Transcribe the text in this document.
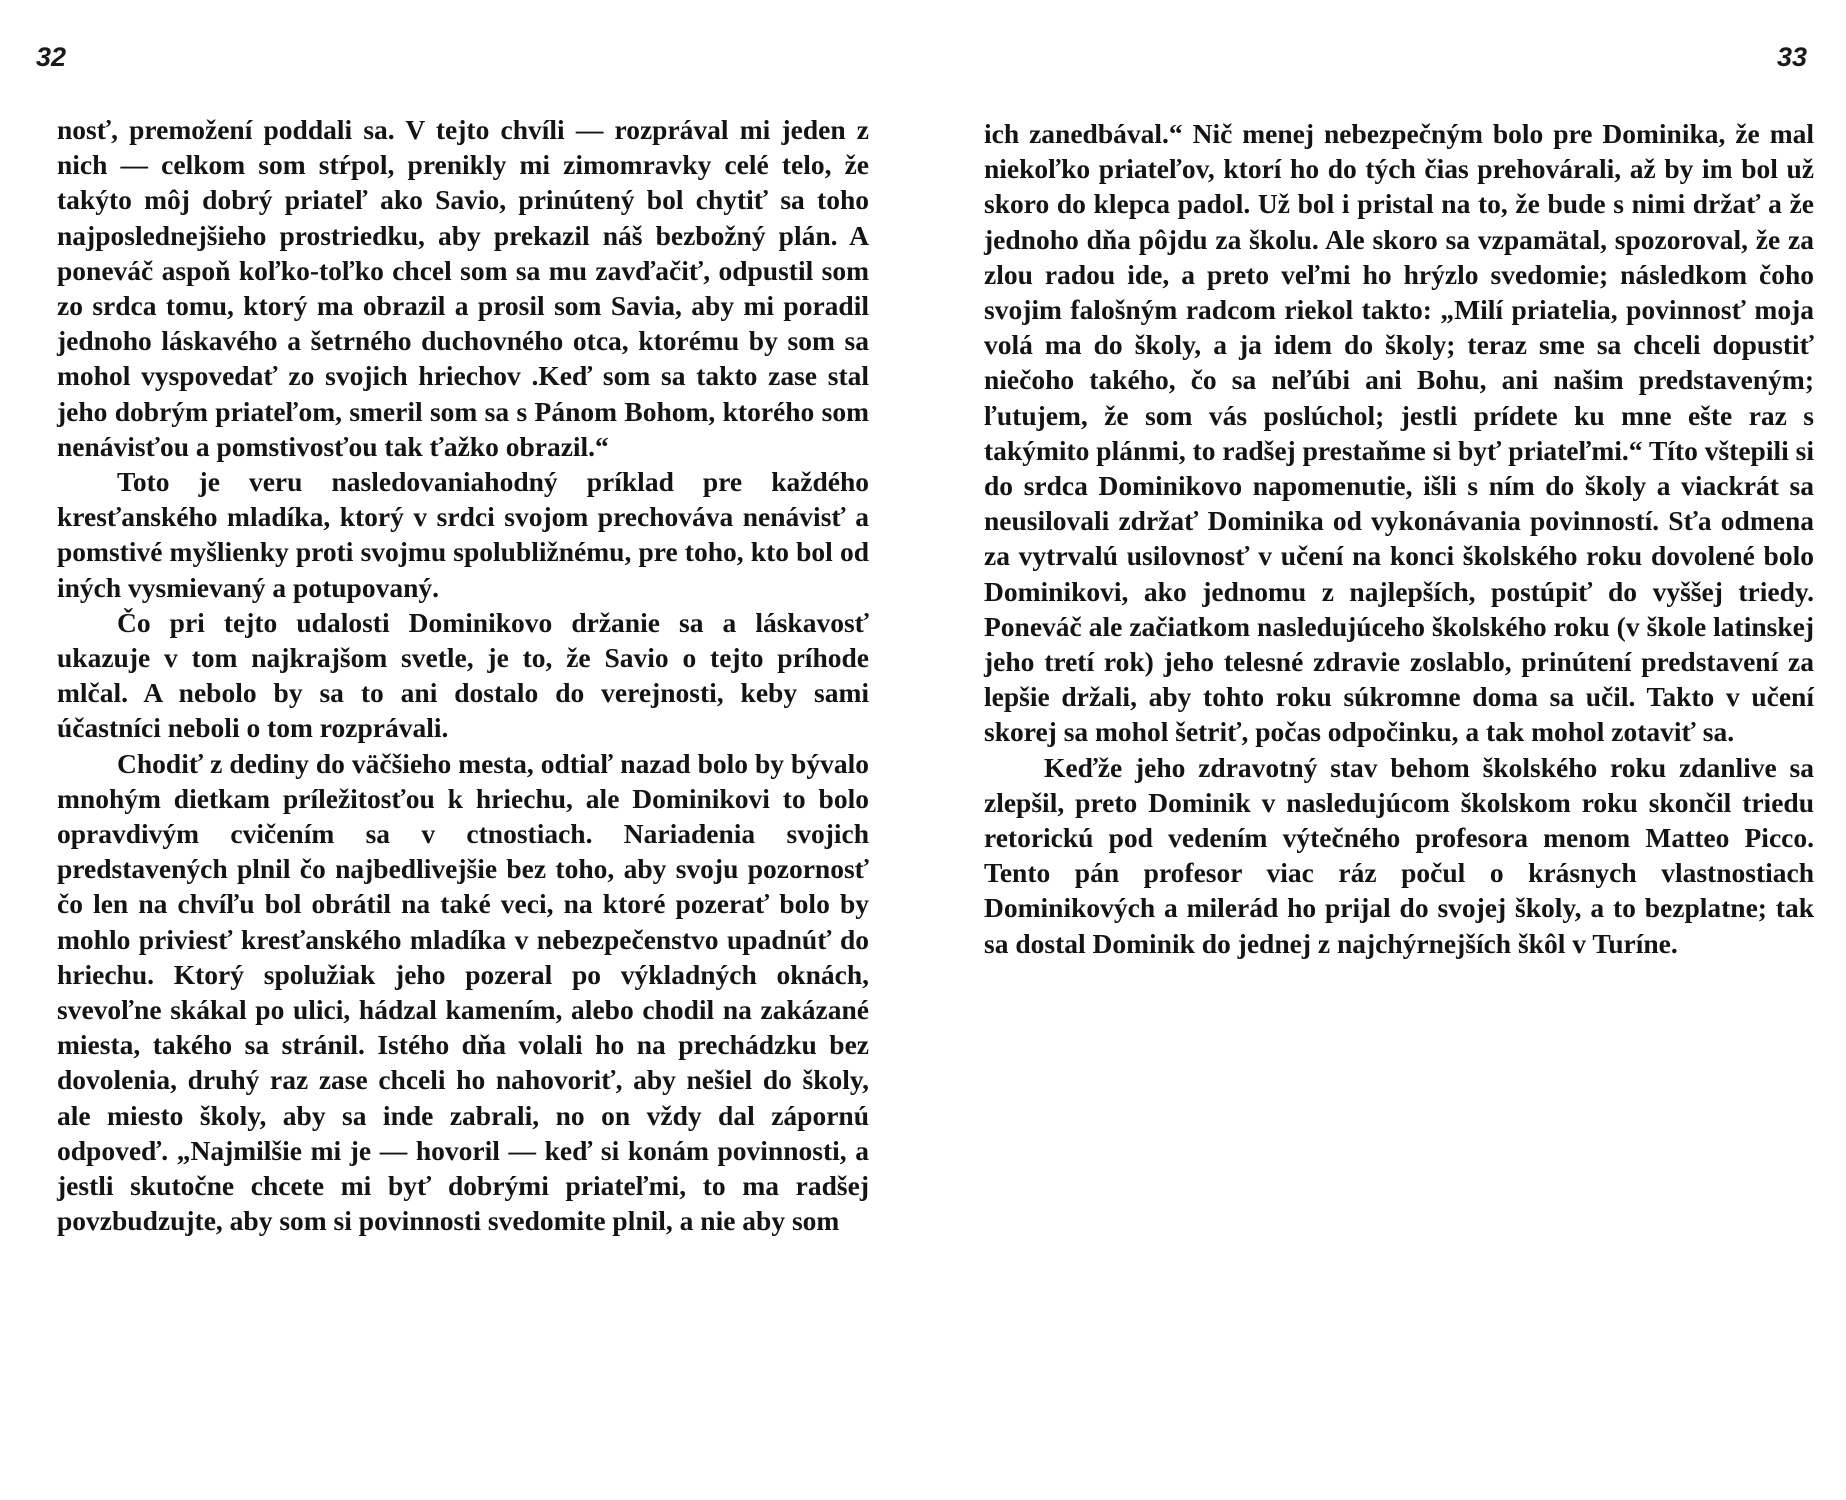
32

nosť, premožení poddali sa. V tejto chvíli — rozprával mi jeden z nich — celkom som stŕpol, prenikly mi zimomravky celé telo, že takýto môj dobrý priateľ ako Savio, prinútený bol chytiť sa toho najposlednejšieho prostriedku, aby prekazil náš bezbožný plán. A poneváč aspoň koľko-toľko chcel som sa mu zavďačiť, odpustil som zo srdca tomu, ktorý ma obrazil a prosil som Savia, aby mi poradil jednoho láskavého a šetrného duchovného otca, ktorému by som sa mohol vyspovedať zo svojich hriechov .Keď som sa takto zase stal jeho dobrým priateľom, smeril som sa s Pánom Bohom, ktorého som nenávisťou a pomstivosťou tak ťažko obrazil.“

Toto je veru nasledovaniahodný príklad pre každého kresťanského mladíka, ktorý v srdci svojom prechováva nenávisť a pomstivé myšlienky proti svojmu spolubližnému, pre toho, kto bol od iných vysmievaný a potupovaný.

Čo pri tejto udalosti Dominikovo držanie sa a láskavosť ukazuje v tom najkrajšom svetle, je to, že Savio o tejto príhode mlčal. A nebolo by sa to ani dostalo do verejnosti, keby sami účastníci neboli o tom rozprávali.

Chodiť z dediny do väčšieho mesta, odtiaľ nazad bolo by bývalo mnohým dietkam príležitosťou k hriechu, ale Dominikovi to bolo opravdivým cvičením sa v ctnostiach. Nariadenia svojich predstavených plnil čo najbedlivejšie bez toho, aby svoju pozornosť čo len na chvíľu bol obrátil na také veci, na ktoré pozerať bolo by mohlo priviesť kresťanského mladíka v nebezpečenstvo upadnúť do hriechu. Ktorý spolužiak jeho pozeral po výkladných oknách, svevoľne skákal po ulici, hádzal kamením, alebo chodil na zakázané miesta, takého sa stránil. Istého dňa volali ho na prechádzku bez dovolenia, druhý raz zase chceli ho nahovoriť, aby nešiel do školy, ale miesto školy, aby sa inde zabrali, no on vždy dal zápornú odpoveď. „Najmilšie mi je — hovoril — keď si konám povinnosti, a jestli skutočne chcete mi byť dobrými priateľmi, to ma radšej povzbudzujte, aby som si povinnosti svedomite plnil, a nie aby som

33

ich zanedbával.“ Nič menej nebezpečným bolo pre Dominika, že mal niekoľko priateľov, ktorí ho do tých čias prehovárali, až by im bol už skoro do klepca padol. Už bol i pristal na to, že bude s nimi držať a že jednoho dňa pôjdu za školu. Ale skoro sa vzpamätal, spozoroval, že za zlou radou ide, a preto veľmi ho hrýzlo svedomie; následkom čoho svojim falošným radcom riekol takto: „Milí priatelia, povinnosť moja volá ma do školy, a ja idem do školy; teraz sme sa chceli dopustiť niečoho takého, čo sa neľúbi ani Bohu, ani našim predstaveným; ľutujem, že som vás poslúchol; jestli prídete ku mne ešte raz s takýmito plánmi, to radšej prestaňme si byť priateľmi.“ Títo vštepili si do srdca Dominikovo napomenutie, išli s ním do školy a viackrát sa neusilovali zdržať Dominika od vykonávania povinností. Sťa odmena za vytrvalú usilovnosť v učení na konci školského roku dovolené bolo Dominikovi, ako jednomu z najlepších, postúpiť do vyššej triedy. Poneváč ale začiatkom nasledujúceho školského roku (v škole latinskej jeho tretí rok) jeho telesné zdravie zoslablo, prinútení predstavení za lepšie držali, aby tohto roku súkromne doma sa učil. Takto v učení skorej sa mohol šetriť, počas odpočinku, a tak mohol zotaviť sa.

Keďže jeho zdravotný stav behom školského roku zdanlive sa zlepšil, preto Dominik v nasledujúcom školskom roku skončil triedu retorickú pod vedením výtečného profesora menom Matteo Picco. Tento pán profesor viac ráz počul o krásnych vlastnostiach Dominikových a milerád ho prijal do svojej školy, a to bezplatne; tak sa dostal Dominik do jednej z najchýrnejších škôl v Turíne.
